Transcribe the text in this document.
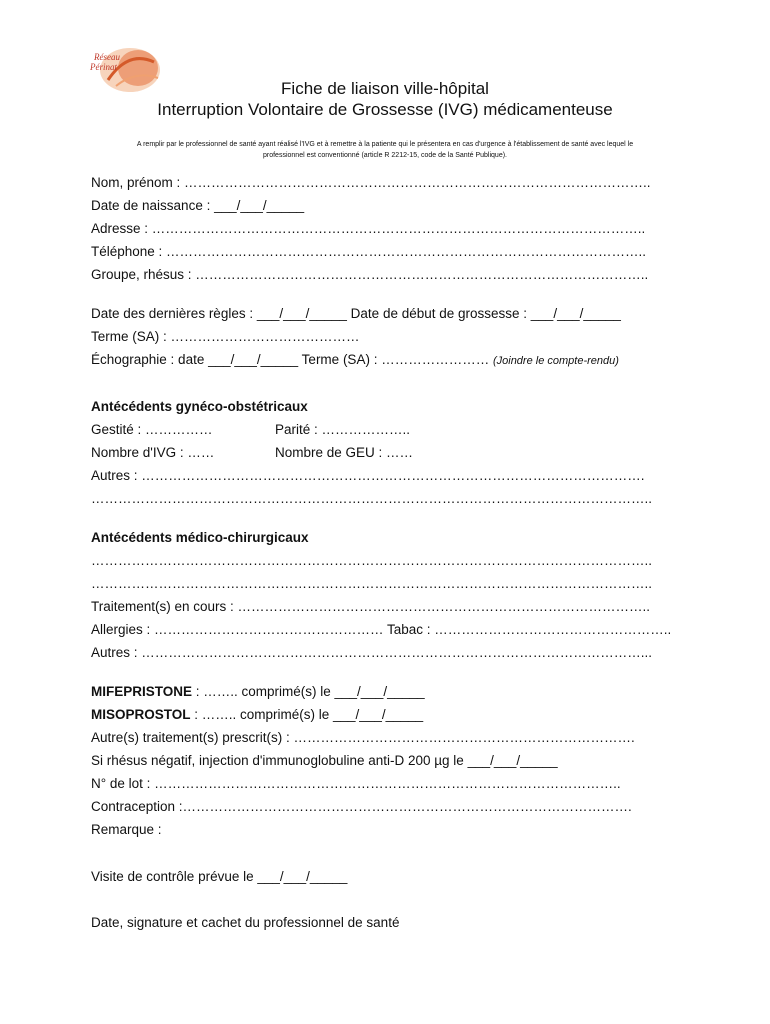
Réseau
Périnat
Fiche de liaison ville-hôpital
Interruption Volontaire de Grossesse (IVG) médicamenteuse
A remplir par le professionnel de santé ayant réalisé l'IVG et à remettre à la patiente qui le présentera en cas d'urgence à l'établissement de santé avec lequel le
professionnel est conventionné (article R 2212-15, code de la Santé Publique).
Nom, prénom : …………………………………………………………………………………………..
Date de naissance : ___/___/_____
Adresse : ………………………………………………………………………………………………..
Téléphone : ……………………………………………………………………………………………..
Groupe, rhésus : ………………………………………………………………………………………..
Date des dernières règles : ___/___/_____ Date de début de grossesse : ___/___/_____
Terme (SA) : ……………………………………
Échographie : date ___/___/_____ Terme (SA) : …………………… (Joindre le compte-rendu)
Antécédents gynéco-obstétricaux
Gestité : ……………	Parité : ………………..
Nombre d'IVG : ……	Nombre de GEU : ……
Autres : ………………………………………………………………………………………………….
……………………………………………………………………………………………………………..
Antécédents médico-chirurgicaux
……………………………………………………………………………………………………………..
……………………………………………………………………………………………………………..
Traitement(s) en cours : ………………………………………………………………………………..
Allergies : …………………………………………… Tabac : ……………………………………………..
Autres : …………………………………………………………………………………………………...
MIFEPRISTONE : …….. comprimé(s) le ___/___/_____
MISOPROSTOL : …….. comprimé(s) le ___/___/_____
Autre(s) traitement(s) prescrit(s) : ………………………………………………………………….
Si rhésus négatif, injection d'immunoglobuline anti-D 200 µg le ___/___/_____
N° de lot : …………………………………………………………………………………………..
Contraception :……………………………………………………………………………………….
Remarque :
Visite de contrôle prévue le ___/___/_____
Date, signature et cachet du professionnel de santé
